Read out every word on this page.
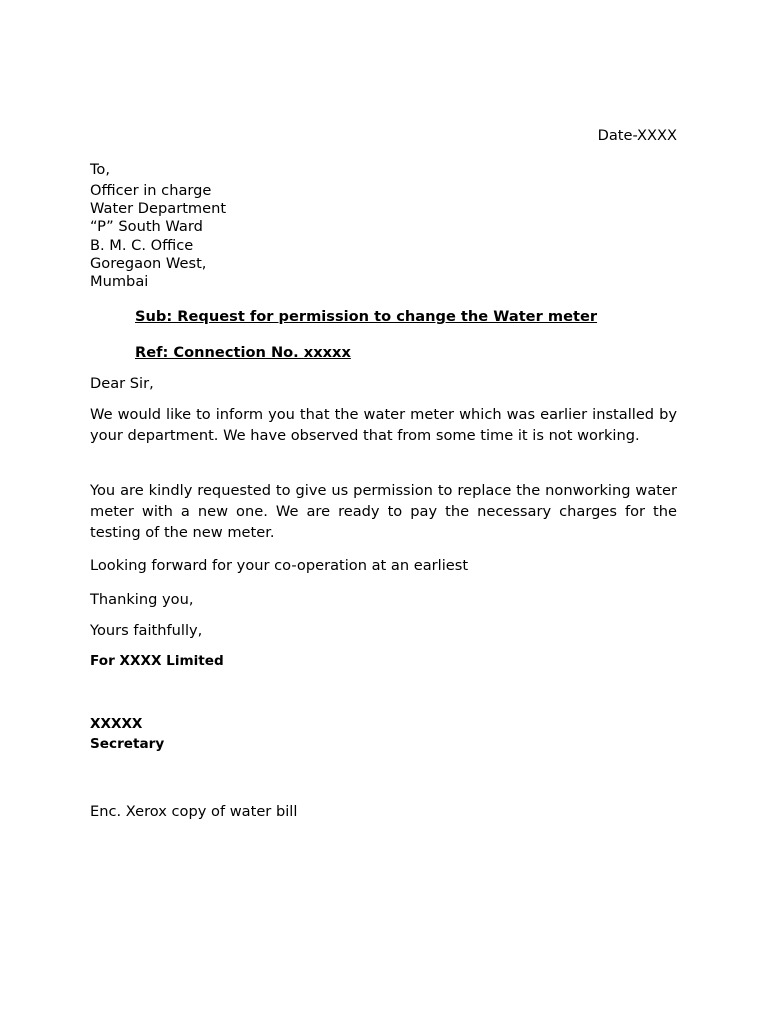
Date-XXXX
To,
Officer in charge
Water Department
“P” South Ward
B. M. C. Office
Goregaon West,
Mumbai
Sub: Request for permission to change the Water meter
Ref: Connection No. xxxxx
Dear Sir,
We would like to inform you that the water meter which was earlier installed by your department. We have observed that from some time it is not working.
You are kindly requested to give us permission to replace the nonworking water meter with a new one. We are ready to pay the necessary charges for the testing of the new meter.
Looking forward for your co-operation at an earliest
Thanking you,
Yours faithfully,
For XXXX Limited
XXXXX
Secretary
Enc. Xerox copy of water bill
